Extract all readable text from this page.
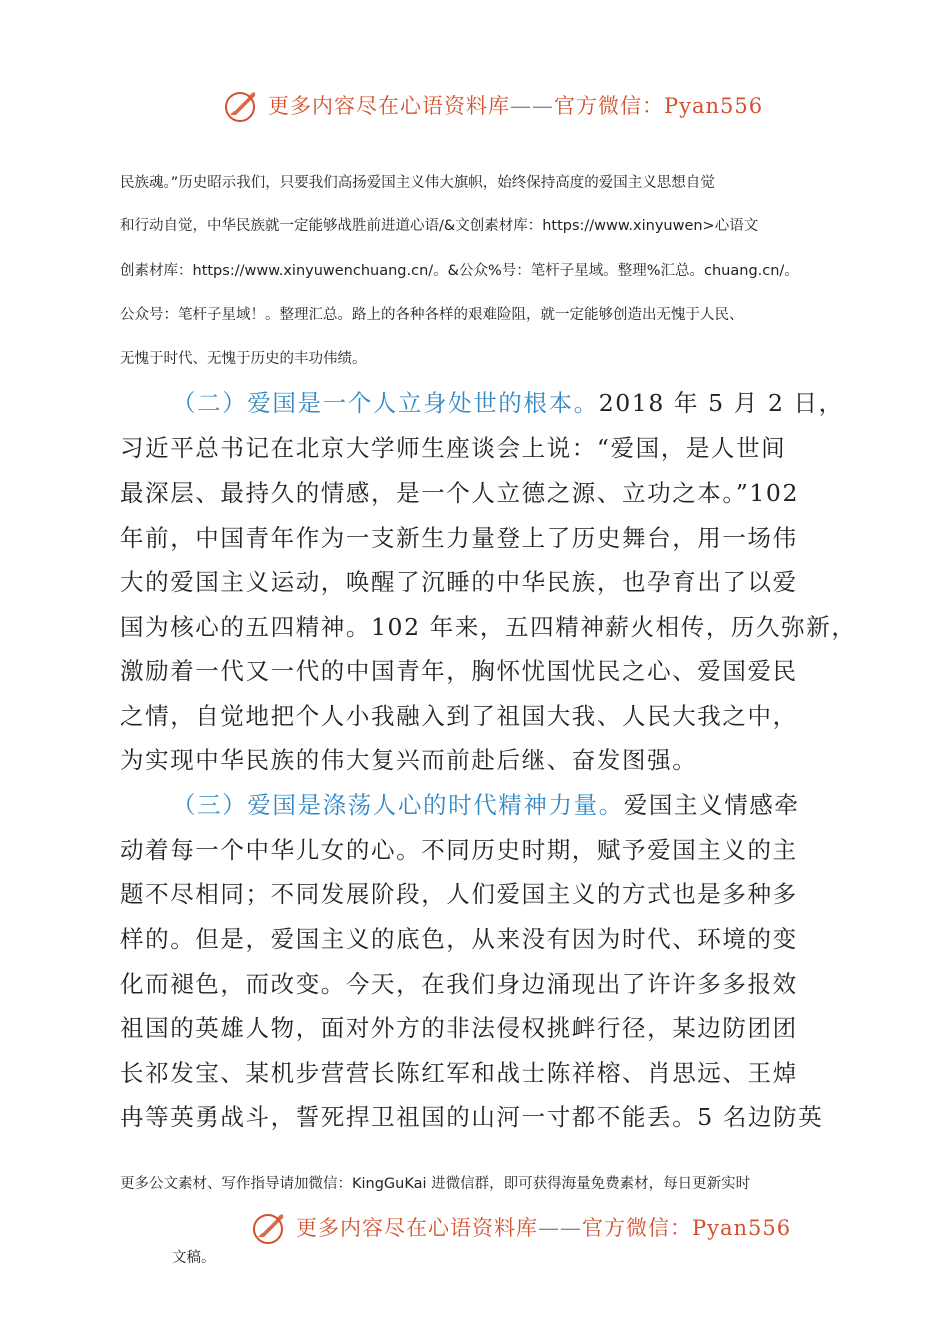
更多内容尽在心语资料库——官方微信：Pyan556
民族魂。”历史昭示我们，只要我们高扬爱国主义伟大旗帜，始终保持高度的爱国主义思想自觉
和行动自觉，中华民族就一定能够战胜前进道心语/&文创素材库：https://www.xinyuwen>心语文
创素材库：https://www.xinyuwenchuang.cn/。&公众%号：笔杆子星域。整理%汇总。chuang.cn/。
公众号：笔杆子星域！。整理汇总。路上的各种各样的艰难险阻，就一定能够创造出无愧于人民、
无愧于时代、无愧于历史的丰功伟绩。
（二）爱国是一个人立身处世的根本。2018 年 5 月 2 日，
习近平总书记在北京大学师生座谈会上说：“爱国，是人世间
最深层、最持久的情感，是一个人立德之源、立功之本。”102
年前，中国青年作为一支新生力量登上了历史舞台，用一场伟
大的爱国主义运动，唤醒了沉睡的中华民族，也孕育出了以爱
国为核心的五四精神。102 年来，五四精神薪火相传，历久弥新，
激励着一代又一代的中国青年，胸怀忧国忧民之心、爱国爱民
之情，自觉地把个人小我融入到了祖国大我、人民大我之中，
为实现中华民族的伟大复兴而前赴后继、奋发图强。
（三）爱国是涤荡人心的时代精神力量。爱国主义情感牵
动着每一个中华儿女的心。不同历史时期，赋予爱国主义的主
题不尽相同；不同发展阶段，人们爱国主义的方式也是多种多
样的。但是，爱国主义的底色，从来没有因为时代、环境的变
化而褪色，而改变。今天，在我们身边涌现出了许许多多报效
祖国的英雄人物，面对外方的非法侵权挑衅行径，某边防团团
长祁发宝、某机步营营长陈红军和战士陈祥榕、肖思远、王焯
冉等英勇战斗，誓死捍卫祖国的山河一寸都不能丢。5 名边防英
更多公文素材、写作指导请加微信：KingGuKai 进微信群，即可获得海量免费素材，每日更新实时
更多内容尽在心语资料库——官方微信：Pyan556
文稿。
